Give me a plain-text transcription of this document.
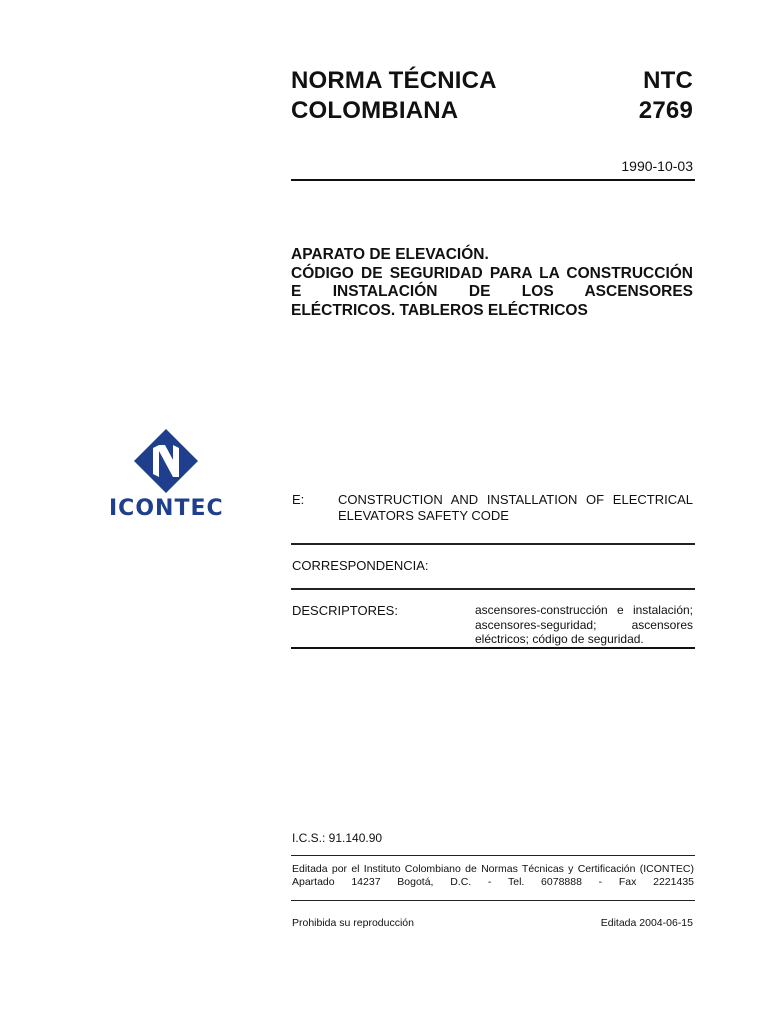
NORMA TÉCNICA
COLOMBIANA
NTC
2769
1990-10-03
APARATO DE ELEVACIÓN.
CÓDIGO DE SEGURIDAD PARA LA CONSTRUCCIÓN
E INSTALACIÓN DE LOS ASCENSORES
ELÉCTRICOS. TABLEROS ELÉCTRICOS
ICONTEC	E:	CONSTRUCTION AND INSTALLATION OF ELECTRICAL
ELEVATORS SAFETY CODE
CORRESPONDENCIA:
DESCRIPTORES:	ascensores-construcción e instalación;
ascensores-seguridad; ascensores
eléctricos; código de seguridad.
I.C.S.: 91.140.90
Editada por el Instituto Colombiano de Normas Técnicas y Certificación (ICONTEC)
Apartado 14237 Bogotá, D.C. - Tel. 6078888 - Fax 2221435
Prohibida su reproducción	Editada 2004-06-15
